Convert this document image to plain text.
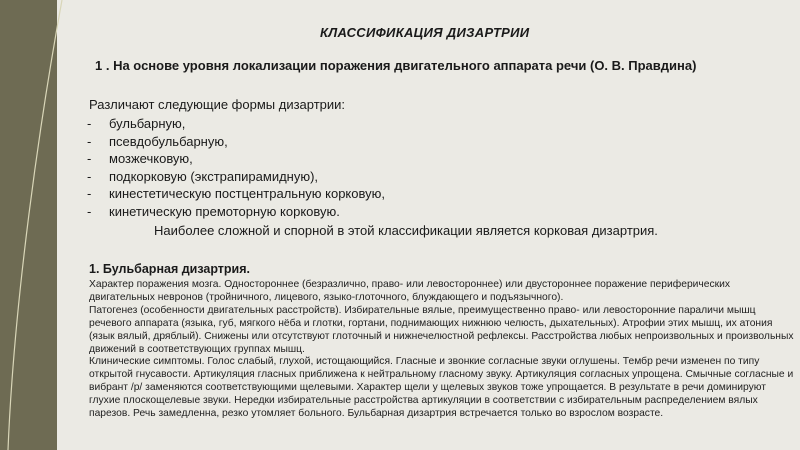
КЛАССИФИКАЦИЯ ДИЗАРТРИИ
1 . На основе уровня локализации поражения двигательного аппарата речи (О. В. Правдина)
Различают следующие формы дизартрии:
- бульбарную,
- псевдобульбарную,
- мозжечковую,
- подкорковую (экстрапирамидную),
- кинестетическую постцентральную корковую,
- кинетическую премоторную корковую.
Наиболее сложной и спорной в этой классификации является корковая дизартрия.
1. Бульбарная дизартрия.

Характер поражения мозга. Одностороннее (безразлично, право- или левостороннее) или двустороннее поражение периферических двигательных невронов (тройничного, лицевого, языко-глоточного, блуждающего и подъязычного).

Патогенез (особенности двигательных расстройств). Избирательные вялые, преимущественно право- или левосторонние параличи мышц речевого аппарата (языка, губ, мягкого нёба и глотки, гортани, поднимающих нижнюю челюсть, дыхательных). Атрофии этих мышц, их атония (язык вялый, дряблый). Снижены или отсутствуют глоточный и нижнечелюстной рефлексы. Расстройства любых непроизвольных и произвольных движений в соответствующих группах мышц.

Клинические симптомы. Голос слабый, глухой, истощающийся. Гласные и звонкие согласные звуки оглушены. Тембр речи изменен по типу открытой гнусавости. Артикуляция гласных приближена к нейтральному гласному звуку. Артикуляция согласных упрощена. Смычные согласные и вибрант /р/ заменяются соответствующими щелевыми. Характер щели у щелевых звуков тоже упрощается. В результате в речи доминируют глухие плоскощелевые звуки. Нередки избирательные расстройства артикуляции в соответствии с избирательным распределением вялых парезов. Речь замедленна, резко утомляет больного. Бульбарная дизартрия встречается только во взрослом возрасте.
